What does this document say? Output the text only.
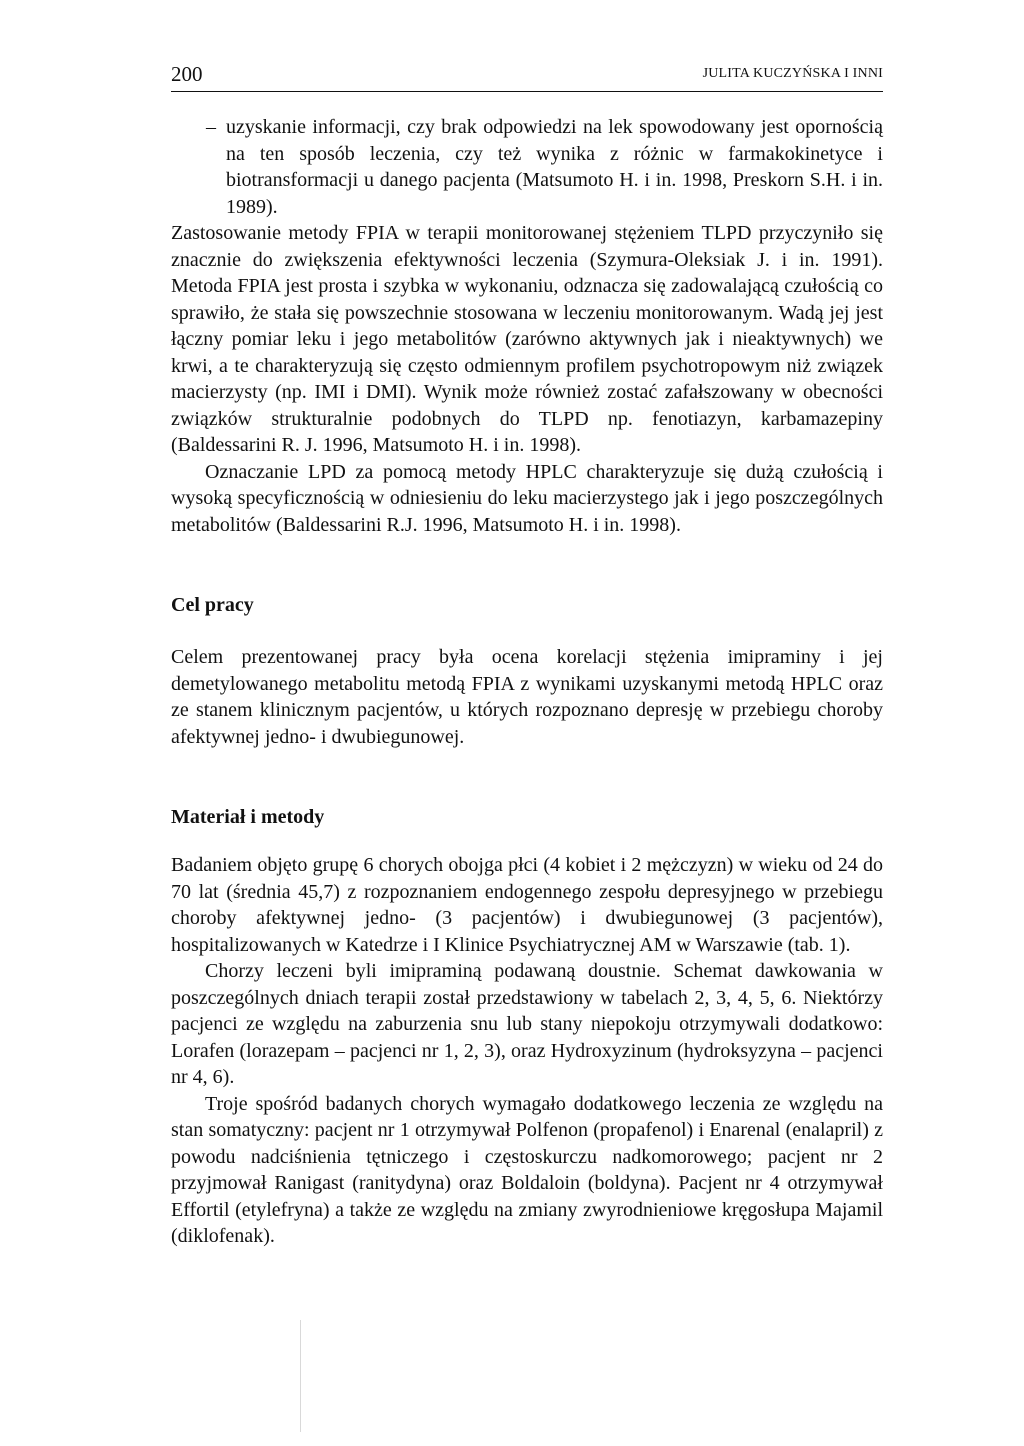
200	JULITA KUCZYŃSKA I INNI
– uzyskanie informacji, czy brak odpowiedzi na lek spowodowany jest opornością na ten sposób leczenia, czy też wynika z różnic w farmakokinetyce i biotransformacji u danego pacjenta (Matsumoto H. i in. 1998, Preskorn S.H. i in. 1989).

Zastosowanie metody FPIA w terapii monitorowanej stężeniem TLPD przyczyniło się znacznie do zwiększenia efektywności leczenia (Szymura-Oleksiak J. i in. 1991). Metoda FPIA jest prosta i szybka w wykonaniu, odznacza się zadowalającą czułością co sprawiło, że stała się powszechnie stosowana w leczeniu monitorowanym. Wadą jej jest łączny pomiar leku i jego metabolitów (zarówno aktywnych jak i nieaktywnych) we krwi, a te charakteryzują się często odmiennym profilem psychotropowym niż związek macierzysty (np. IMI i DMI). Wynik może również zostać zafałszowany w obecności związków strukturalnie podobnych do TLPD np. fenotiazyn, karbamazepiny (Baldessarini R. J. 1996, Matsumoto H. i in. 1998).

Oznaczanie LPD za pomocą metody HPLC charakteryzuje się dużą czułością i wysoką specyficznością w odniesieniu do leku macierzystego jak i jego poszczególnych metabolitów (Baldessarini R.J. 1996, Matsumoto H. i in. 1998).

Cel pracy

Celem prezentowanej pracy była ocena korelacji stężenia imipraminy i jej demetylowanego metabolitu metodą FPIA z wynikami uzyskanymi metodą HPLC oraz ze stanem klinicznym pacjentów, u których rozpoznano depresję w przebiegu choroby afektywnej jedno- i dwubiegunowej.

Materiał i metody

Badaniem objęto grupę 6 chorych obojga płci (4 kobiet i 2 mężczyzn) w wieku od 24 do 70 lat (średnia 45,7) z rozpoznaniem endogennego zespołu depresyjnego w przebiegu choroby afektywnej jedno- (3 pacjentów) i dwubiegunowej (3 pacjentów), hospitalizowanych w Katedrze i I Klinice Psychiatrycznej AM w Warszawie (tab. 1).

Chorzy leczeni byli imipraminą podawaną doustnie. Schemat dawkowania w poszczególnych dniach terapii został przedstawiony w tabelach 2, 3, 4, 5, 6. Niektórzy pacjenci ze względu na zaburzenia snu lub stany niepokoju otrzymywali dodatkowo: Lorafen (lorazepam – pacjenci nr 1, 2, 3), oraz Hydroxyzinum (hydroksyzyna – pacjenci nr 4, 6).

Troje spośród badanych chorych wymagało dodatkowego leczenia ze względu na stan somatyczny: pacjent nr 1 otrzymywał Polfenon (propafenol) i Enarenal (enalapril) z powodu nadciśnienia tętniczego i częstoskurczu nadkomorowego; pacjent nr 2 przyjmował Ranigast (ranitydyna) oraz Boldaloin (boldyna). Pacjent nr 4 otrzymywał Effortil (etylefryna) a także ze względu na zmiany zwyrodnieniowe kręgosłupa Majamil (diklofenak).
